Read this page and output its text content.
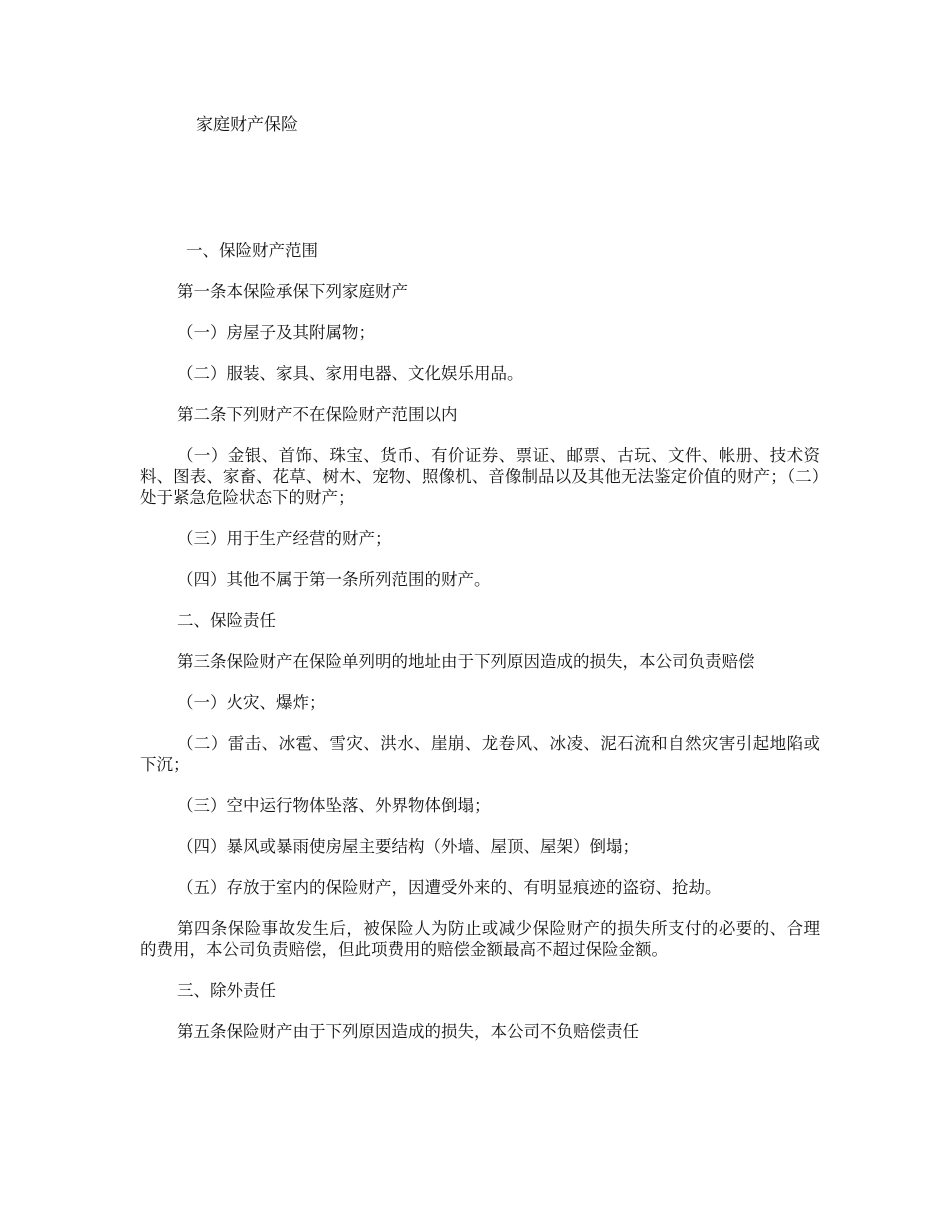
家庭财产保险

一、保险财产范围

第一条本保险承保下列家庭财产

（一）房屋子及其附属物；

（二）服装、家具、家用电器、文化娱乐用品。

第二条下列财产不在保险财产范围以内

（一）金银、首饰、珠宝、货币、有价证券、票证、邮票、古玩、文件、帐册、技术资料、图表、家畜、花草、树木、宠物、照像机、音像制品以及其他无法鉴定价值的财产；（二）处于紧急危险状态下的财产；

（三）用于生产经营的财产；

（四）其他不属于第一条所列范围的财产。

二、保险责任

第三条保险财产在保险单列明的地址由于下列原因造成的损失，本公司负责赔偿

（一）火灾、爆炸；

（二）雷击、冰雹、雪灾、洪水、崖崩、龙卷风、冰凌、泥石流和自然灾害引起地陷或下沉；

（三）空中运行物体坠落、外界物体倒塌；

（四）暴风或暴雨使房屋主要结构（外墙、屋顶、屋架）倒塌；

（五）存放于室内的保险财产，因遭受外来的、有明显痕迹的盗窃、抢劫。

第四条保险事故发生后，被保险人为防止或减少保险财产的损失所支付的必要的、合理的费用，本公司负责赔偿，但此项费用的赔偿金额最高不超过保险金额。

三、除外责任

第五条保险财产由于下列原因造成的损失，本公司不负赔偿责任
